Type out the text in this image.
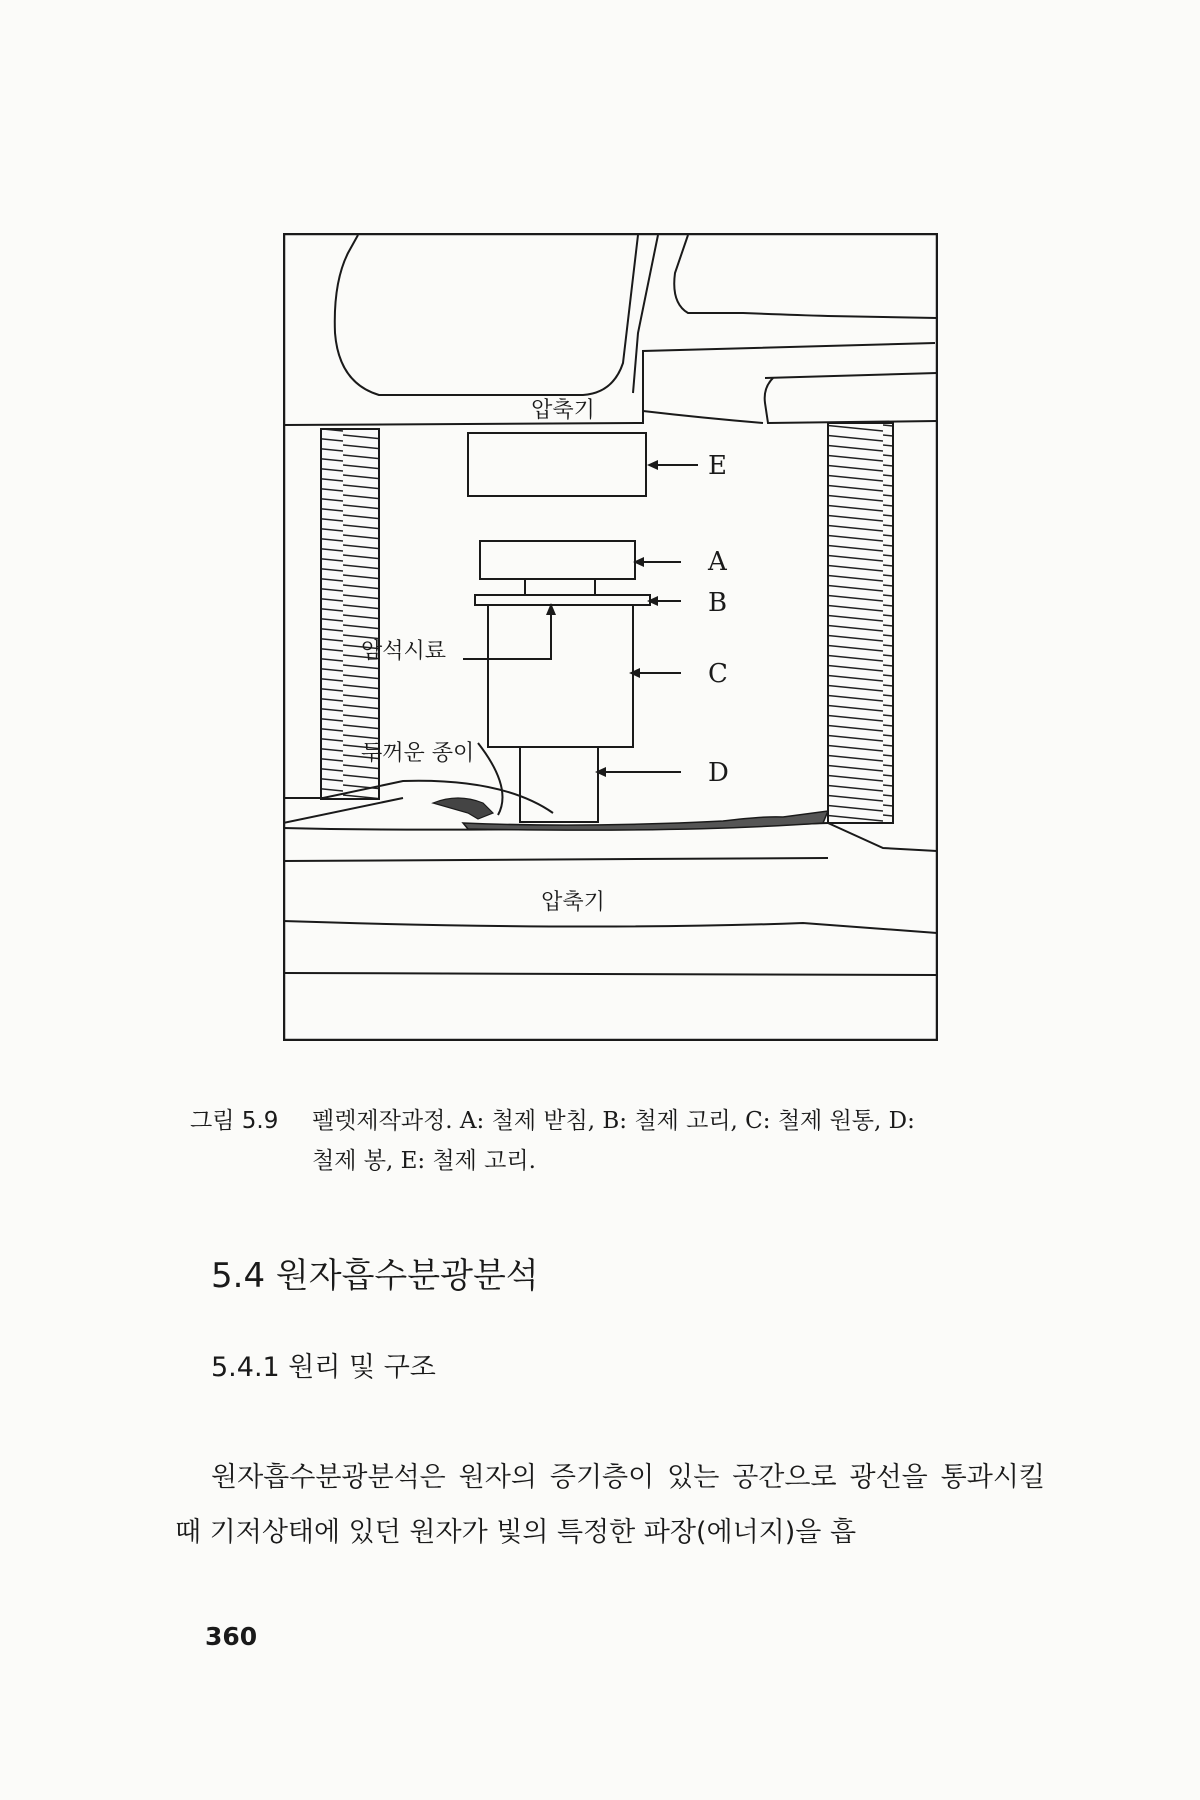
압축기
압축기
암석시료
두꺼운 종이
E
A
B
C
D
그림 5.9 펠렛제작과정. A: 철제 받침, B: 철제 고리, C: 철제 원통, D:
철제 봉, E: 철제 고리.
5.4 원자흡수분광분석
5.4.1 원리 및 구조
원자흡수분광분석은 원자의 증기층이 있는 공간으로 광선을 통과시킬 때 기저상태에 있던 원자가 빛의 특정한 파장(에너지)을 흡
360
